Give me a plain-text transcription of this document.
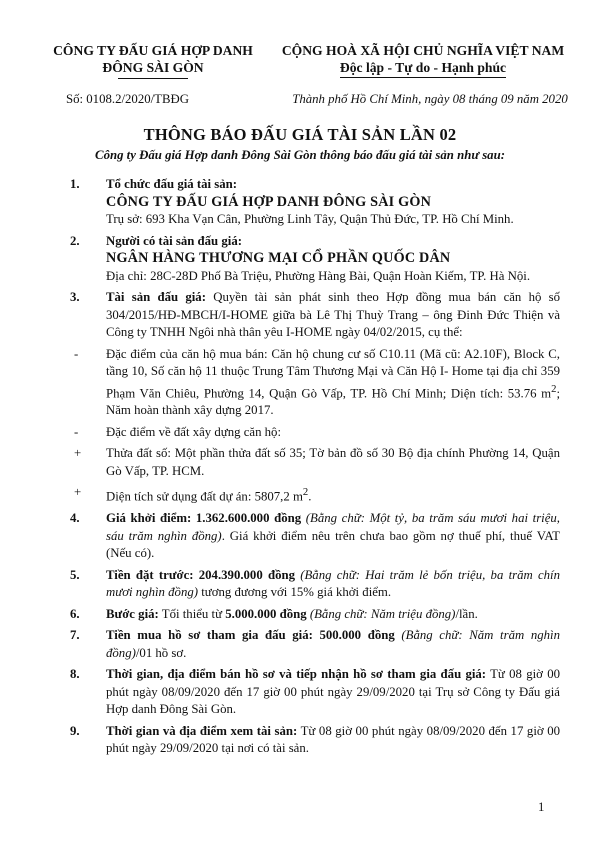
CÔNG TY ĐẤU GIÁ HỢP DANH
ĐÔNG SÀI GÒN
CỘNG HOÀ XÃ HỘI CHỦ NGHĨA VIỆT NAM
Độc lập - Tự do - Hạnh phúc
Số: 0108.2/2020/TBĐG	Thành phố Hồ Chí Minh, ngày 08 tháng 09 năm 2020
THÔNG BÁO ĐẤU GIÁ TÀI SẢN LẦN 02
Công ty Đấu giá Hợp danh Đông Sài Gòn thông báo đấu giá tài sản như sau:
1.	Tổ chức đấu giá tài sản:
CÔNG TY ĐẤU GIÁ HỢP DANH ĐÔNG SÀI GÒN
Trụ sở: 693 Kha Vạn Cân, Phường Linh Tây, Quận Thủ Đức, TP. Hồ Chí Minh.
2.	Người có tài sản đấu giá:
NGÂN HÀNG THƯƠNG MẠI CỔ PHẦN QUỐC DÂN
Địa chỉ: 28C-28D Phố Bà Triệu, Phường Hàng Bài, Quận Hoàn Kiếm, TP. Hà Nội.
3.	Tài sản đấu giá: Quyền tài sản phát sinh theo Hợp đồng mua bán căn hộ số 304/2015/HĐ-MBCH/I-HOME giữa bà Lê Thị Thuỳ Trang – ông Đinh Đức Thiện và Công ty TNHH Ngôi nhà thân yêu I-HOME ngày 04/02/2015, cụ thể:
-	Đặc điểm của căn hộ mua bán: Căn hộ chung cư số C10.11 (Mã cũ: A2.10F), Block C, tầng 10, Số căn hộ 11 thuộc Trung Tâm Thương Mại và Căn Hộ I- Home tại địa chỉ 359 Phạm Văn Chiêu, Phường 14, Quận Gò Vấp, TP. Hồ Chí Minh; Diện tích: 53.76 $m^2$; Năm hoàn thành xây dựng 2017.
-	Đặc điểm về đất xây dựng căn hộ:
+	Thửa đất số: Một phần thửa đất số 35; Tờ bản đồ số 30 Bộ địa chính Phường 14, Quận Gò Vấp, TP. HCM.
+	Diện tích sử dụng đất dự án: 5807,2 $m^2$.
4.	Giá khởi điểm: 1.362.600.000 đồng (Bằng chữ: Một tỷ, ba trăm sáu mươi hai triệu, sáu trăm nghìn đồng). Giá khởi điểm nêu trên chưa bao gồm nợ thuế phí, thuế VAT (Nếu có).
5.	Tiền đặt trước: 204.390.000 đồng (Bằng chữ: Hai trăm lẻ bốn triệu, ba trăm chín mươi nghìn đồng) tương đương với 15% giá khởi điểm.
6.	Bước giá: Tối thiểu từ 5.000.000 đồng (Bằng chữ: Năm triệu đồng)/lần.
7.	Tiền mua hồ sơ tham gia đấu giá: 500.000 đồng (Bằng chữ: Năm trăm nghìn đồng)/01 hồ sơ.
8.	Thời gian, địa điểm bán hồ sơ và tiếp nhận hồ sơ tham gia đấu giá: Từ 08 giờ 00 phút ngày 08/09/2020 đến 17 giờ 00 phút ngày 29/09/2020 tại Trụ sở Công ty Đấu giá Hợp danh Đông Sài Gòn.
9.	Thời gian và địa điểm xem tài sản: Từ 08 giờ 00 phút ngày 08/09/2020 đến 17 giờ 00 phút ngày 29/09/2020 tại nơi có tài sản.
1
